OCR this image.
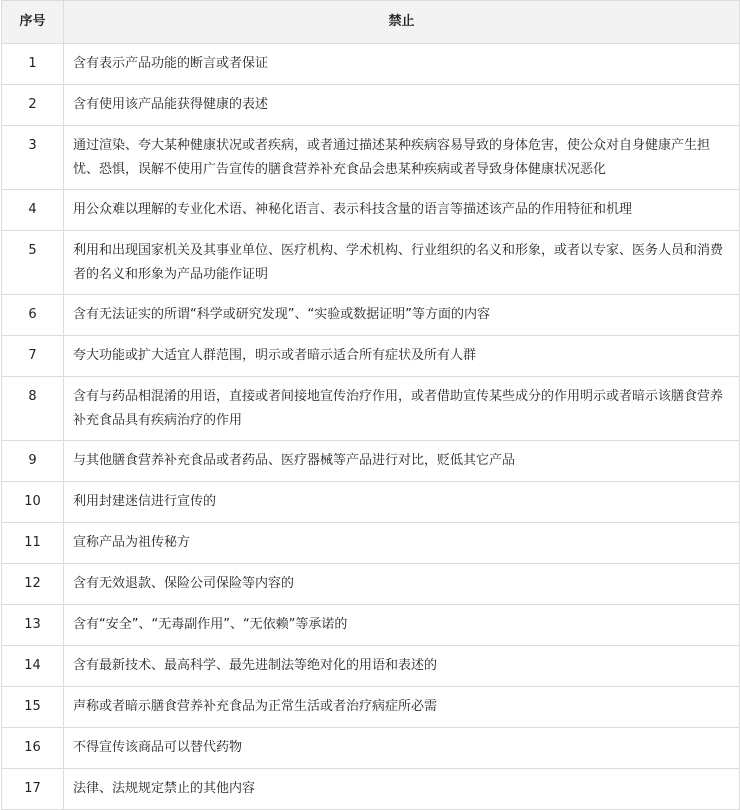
序号	禁止
1	含有表示产品功能的断言或者保证
2	含有使用该产品能获得健康的表述
3	通过渲染、夸大某种健康状况或者疾病，或者通过描述某种疾病容易导致的身体危害，使公众对自身健康产生担忧、恐惧，误解不使用广告宣传的膳食营养补充食品会患某种疾病或者导致身体健康状况恶化
4	用公众难以理解的专业化术语、神秘化语言、表示科技含量的语言等描述该产品的作用特征和机理
5	利用和出现国家机关及其事业单位、医疗机构、学术机构、行业组织的名义和形象，或者以专家、医务人员和消费者的名义和形象为产品功能作证明
6	含有无法证实的所谓“科学或研究发现”、“实验或数据证明”等方面的内容
7	夸大功能或扩大适宜人群范围，明示或者暗示适合所有症状及所有人群
8	含有与药品相混淆的用语，直接或者间接地宣传治疗作用，或者借助宣传某些成分的作用明示或者暗示该膳食营养补充食品具有疾病治疗的作用
9	与其他膳食营养补充食品或者药品、医疗器械等产品进行对比，贬低其它产品
10	利用封建迷信进行宣传的
11	宣称产品为祖传秘方
12	含有无效退款、保险公司保险等内容的
13	含有“安全”、“无毒副作用”、“无依赖”等承诺的
14	含有最新技术、最高科学、最先进制法等绝对化的用语和表述的
15	声称或者暗示膳食营养补充食品为正常生活或者治疗病症所必需
16	不得宣传该商品可以替代药物
17	法律、法规规定禁止的其他内容
